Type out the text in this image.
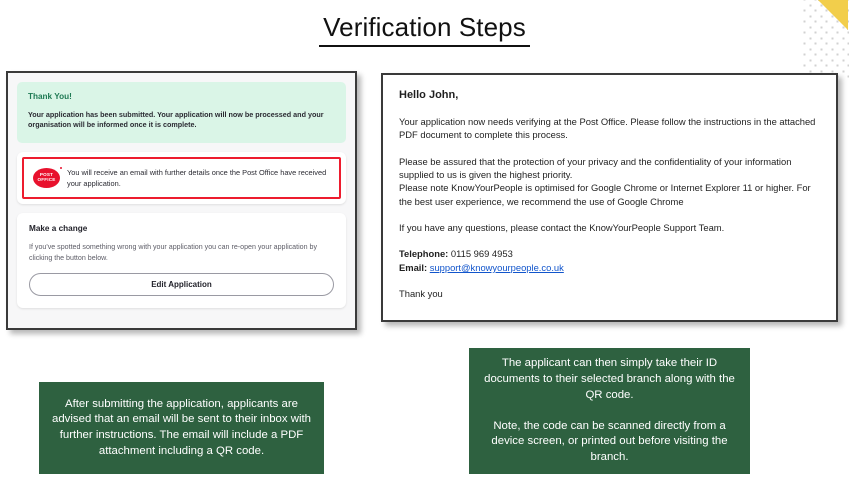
Verification Steps
Thank You!
Your application has been submitted. Your application will now be processed and your organisation will be informed once it is complete.
POST
OFFICE
You will receive an email with further details once the Post Office have received your application.
Make a change
If you've spotted something wrong with your application you can re-open your application by clicking the button below.
Edit Application

Hello John,

Your application now needs verifying at the Post Office. Please follow the instructions in the attached PDF document to complete this process.

Please be assured that the protection of your privacy and the confidentiality of your information supplied to us is given the highest priority.
Please note KnowYourPeople is optimised for Google Chrome or Internet Explorer 11 or higher. For the best user experience, we recommend the use of Google Chrome

If you have any questions, please contact the KnowYourPeople Support Team.

Telephone: 0115 969 4953
Email: support@knowyourpeople.co.uk

Thank you

After submitting the application, applicants are advised that an email will be sent to their inbox with further instructions. The email will include a PDF attachment including a QR code.

The applicant can then simply take their ID documents to their selected branch along with the QR code.

Note, the code can be scanned directly from a device screen, or printed out before visiting the branch.
